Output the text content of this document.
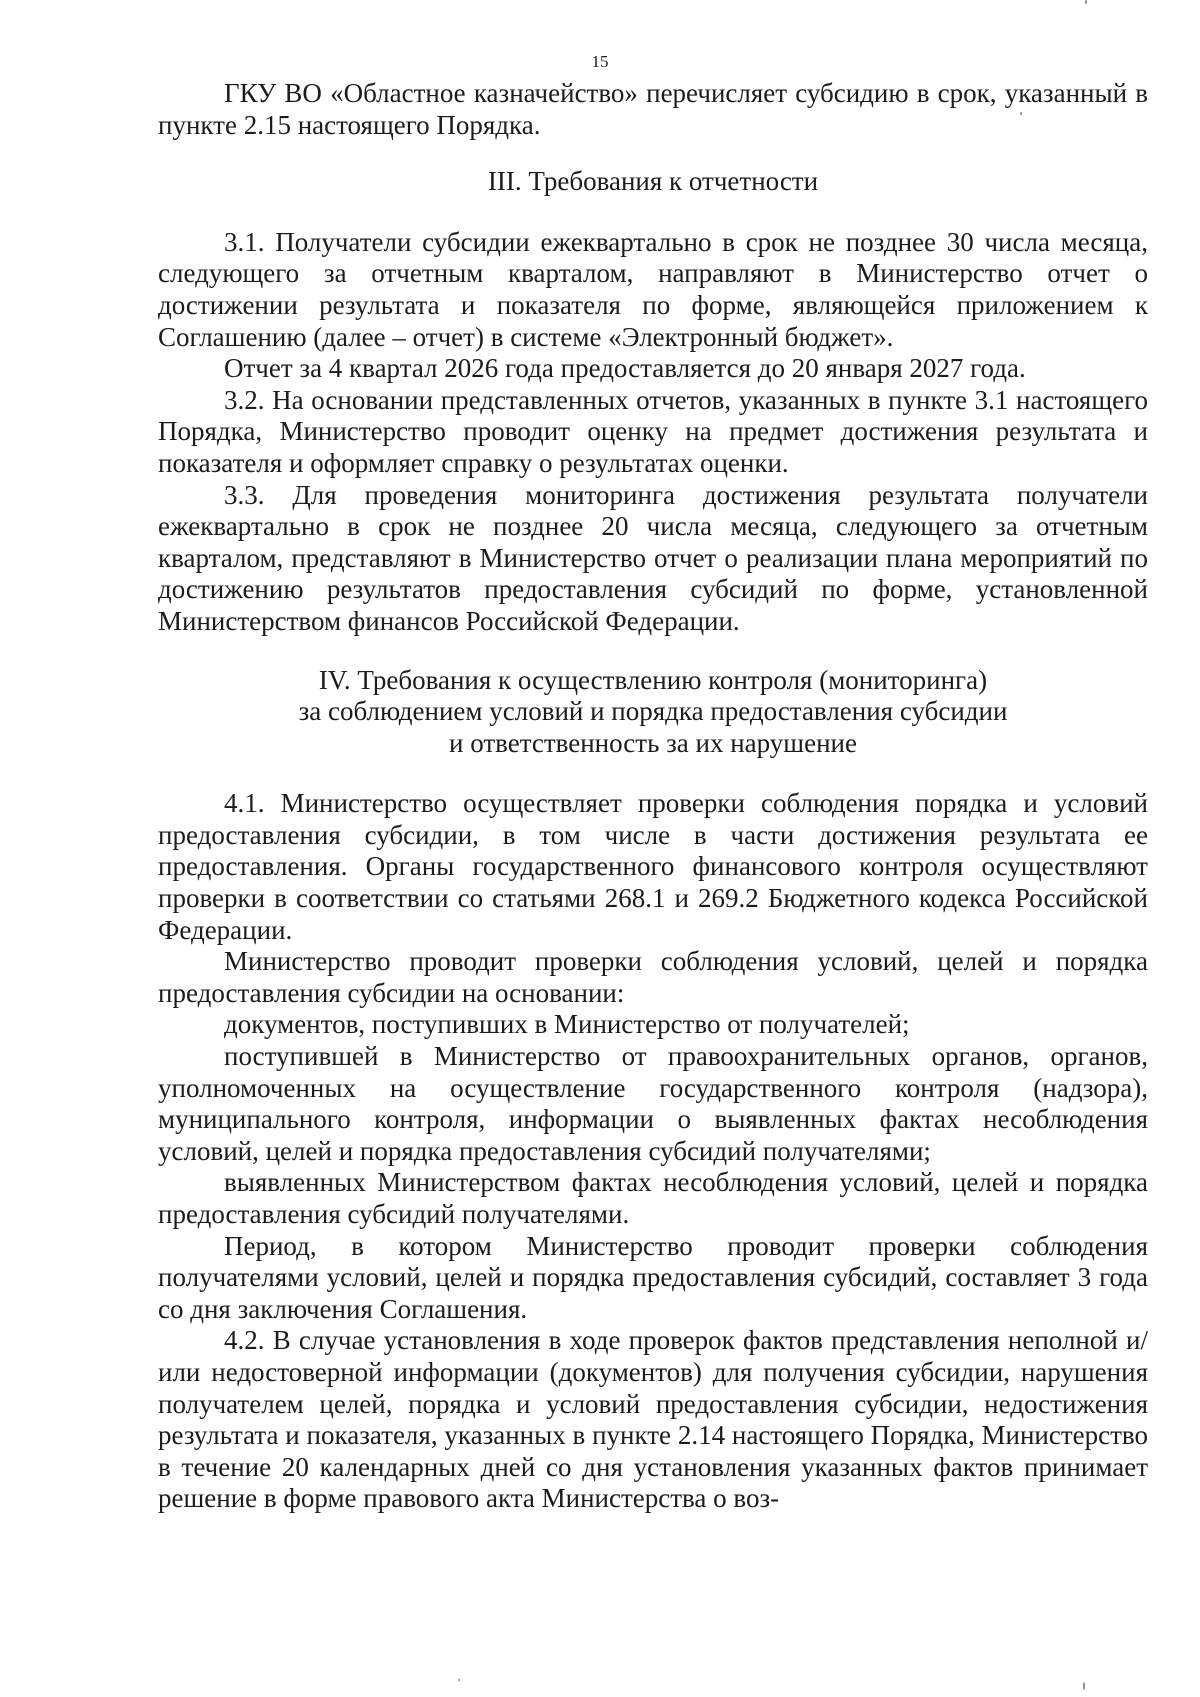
15

ГКУ ВО «Областное казначейство» перечисляет субсидию в срок, указанный в пункте 2.15 настоящего Порядка.

III. Требования к отчетности

3.1. Получатели субсидии ежеквартально в срок не позднее 30 числа месяца, следующего за отчетным кварталом, направляют в Министерство отчет о достижении результата и показателя по форме, являющейся приложением к Соглашению (далее – отчет) в системе «Электронный бюджет».

Отчет за 4 квартал 2026 года предоставляется до 20 января 2027 года.

3.2. На основании представленных отчетов, указанных в пункте 3.1 настоящего Порядка, Министерство проводит оценку на предмет достижения результата и показателя и оформляет справку о результатах оценки.

3.3. Для проведения мониторинга достижения результата получатели ежеквартально в срок не позднее 20 числа месяца, следующего за отчетным кварталом, представляют в Министерство отчет о реализации плана мероприятий по достижению результатов предоставления субсидий по форме, установленной Министерством финансов Российской Федерации.

IV. Требования к осуществлению контроля (мониторинга)

за соблюдением условий и порядка предоставления субсидии

и ответственность за их нарушение

4.1. Министерство осуществляет проверки соблюдения порядка и условий предоставления субсидии, в том числе в части достижения результата ее предоставления. Органы государственного финансового контроля осуществляют проверки в соответствии со статьями 268.1 и 269.2 Бюджетного кодекса Российской Федерации.

Министерство проводит проверки соблюдения условий, целей и порядка предоставления субсидии на основании:

документов, поступивших в Министерство от получателей;

поступившей в Министерство от правоохранительных органов, органов, уполномоченных на осуществление государственного контроля (надзора), муниципального контроля, информации о выявленных фактах несоблюдения условий, целей и порядка предоставления субсидий получателями;

выявленных Министерством фактах несоблюдения условий, целей и порядка предоставления субсидий получателями.

Период, в котором Министерство проводит проверки соблюдения получателями условий, целей и порядка предоставления субсидий, составляет 3 года со дня заключения Соглашения.

4.2. В случае установления в ходе проверок фактов представления неполной и/или недостоверной информации (документов) для получения субсидии, нарушения получателем целей, порядка и условий предоставления субсидии, недостижения результата и показателя, указанных в пункте 2.14 настоящего Порядка, Министерство в течение 20 календарных дней со дня установления указанных фактов принимает решение в форме правового акта Министерства о воз-
